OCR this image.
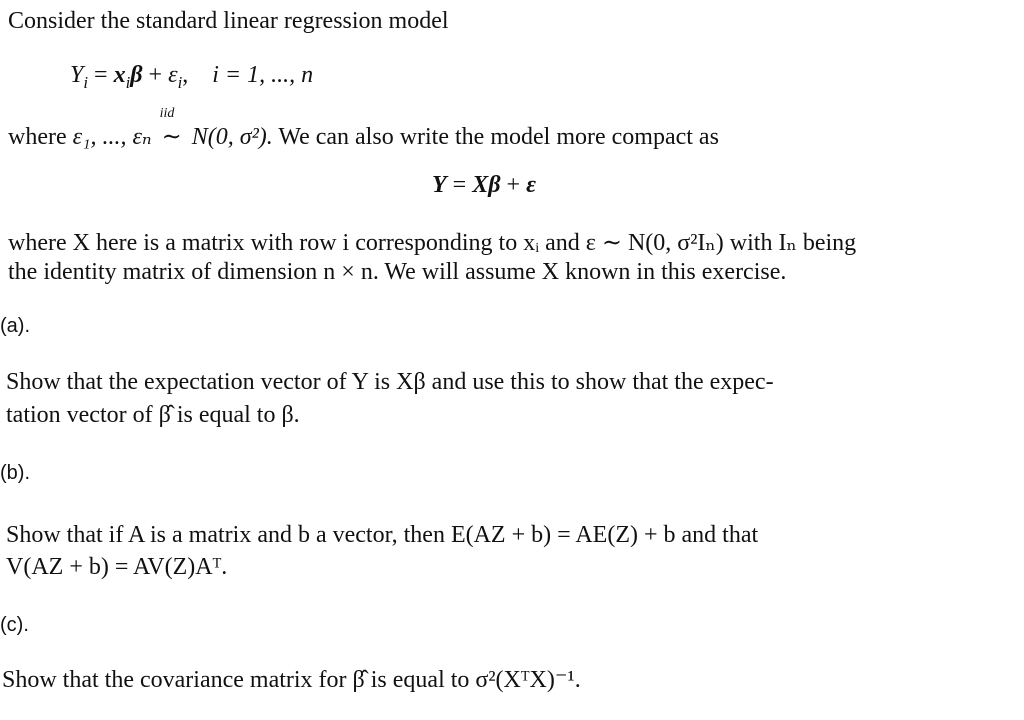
Consider the standard linear regression model
$Y_i = x_i\beta + \varepsilon_i$,    i = 1, ..., n
where ε₁, ..., εₙ
iid
∼ N(0, σ²). We can also write the model more compact as
Y = Xβ + ε
where X here is a matrix with row i corresponding to xᵢ and ε ∼ N(0, σ²Iₙ) with Iₙ being
the identity matrix of dimension n × n. We will assume X known in this exercise.
(a).
Show that the expectation vector of Y is Xβ and use this to show that the expec-
tation vector of β̂ is equal to β.
(b).
Show that if A is a matrix and b a vector, then E(AZ + b) = AE(Z) + b and that
V(AZ + b) = AV(Z)Aᵀ.
(c).
Show that the covariance matrix for β̂ is equal to σ²(XᵀX)⁻¹.
